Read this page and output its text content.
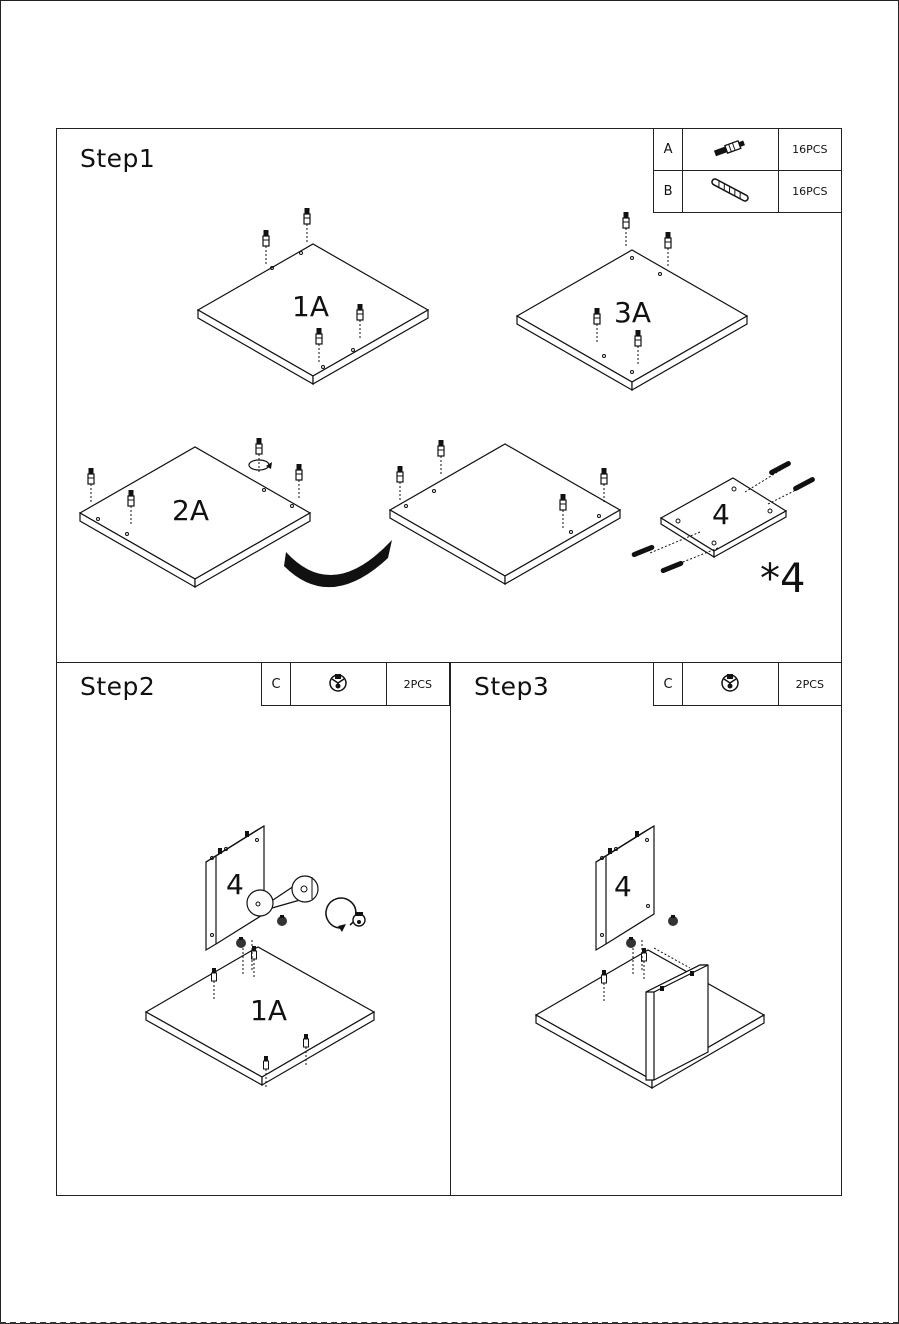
Step1	A		16PCS
B		16PCS
1A	3A
2A	4
*4
Step2	C		2PCS
4
1A
Step3	C		2PCS
4
